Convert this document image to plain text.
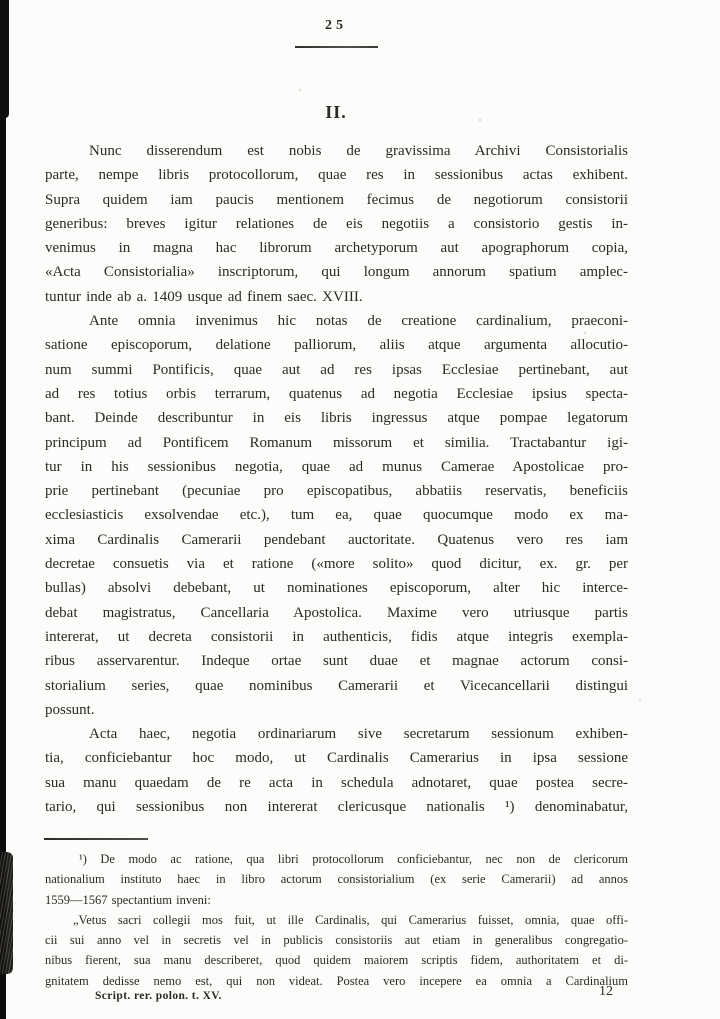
25
II.
Nunc disserendum est nobis de gravissima Archivi Consistorialis
parte, nempe libris protocollorum, quae res in sessionibus actas exhibent.
Supra quidem iam paucis mentionem fecimus de negotiorum consistorii
generibus: breves igitur relationes de eis negotiis a consistorio gestis in-
venimus in magna hac librorum archetyporum aut apographorum copia,
«Acta Consistorialia» inscriptorum, qui longum annorum spatium amplec-
tuntur inde ab a. 1409 usque ad finem saec. XVIII.
Ante omnia invenimus hic notas de creatione cardinalium, praeconi-
satione episcoporum, delatione palliorum, aliis atque argumenta allocutio-
num summi Pontificis, quae aut ad res ipsas Ecclesiae pertinebant, aut
ad res totius orbis terrarum, quatenus ad negotia Ecclesiae ipsius specta-
bant. Deinde describuntur in eis libris ingressus atque pompae legatorum
principum ad Pontificem Romanum missorum et similia. Tractabantur igi-
tur in his sessionibus negotia, quae ad munus Camerae Apostolicae pro-
prie pertinebant (pecuniae pro episcopatibus, abbatiis reservatis, beneficiis
ecclesiasticis exsolvendae etc.), tum ea, quae quocumque modo ex ma-
xima Cardinalis Camerarii pendebant auctoritate. Quatenus vero res iam
decretae consuetis via et ratione («more solito» quod dicitur, ex. gr. per
bullas) absolvi debebant, ut nominationes episcoporum, alter hic interce-
debat magistratus, Cancellaria Apostolica. Maxime vero utriusque partis
intererat, ut decreta consistorii in authenticis, fidis atque integris exempla-
ribus asservarentur. Indeque ortae sunt duae et magnae actorum consi-
storialium series, quae nominibus Camerarii et Vicecancellarii distingui
possunt.
Acta haec, negotia ordinariarum sive secretarum sessionum exhiben-
tia, conficiebantur hoc modo, ut Cardinalis Camerarius in ipsa sessione
sua manu quaedam de re acta in schedula adnotaret, quae postea secre-
tario, qui sessionibus non intererat clericusque nationalis ¹) denominabatur,
¹) De modo ac ratione, qua libri protocollorum conficiebantur, nec non de clericorum
nationalium instituto haec in libro actorum consistorialium (ex serie Camerarii) ad annos
1559—1567 spectantium inveni:
„Vetus sacri collegii mos fuit, ut ille Cardinalis, qui Camerarius fuisset, omnia, quae offi-
cii sui anno vel in secretis vel in publicis consistoriis aut etiam in generalibus congregatio-
nibus fierent, sua manu describeret, quod quidem maiorem scriptis fidem, authoritatem et di-
gnitatem dedisse nemo est, qui non videat. Postea vero incepere ea omnia a Cardinalium
Script. rer. polon. t. XV.	12
